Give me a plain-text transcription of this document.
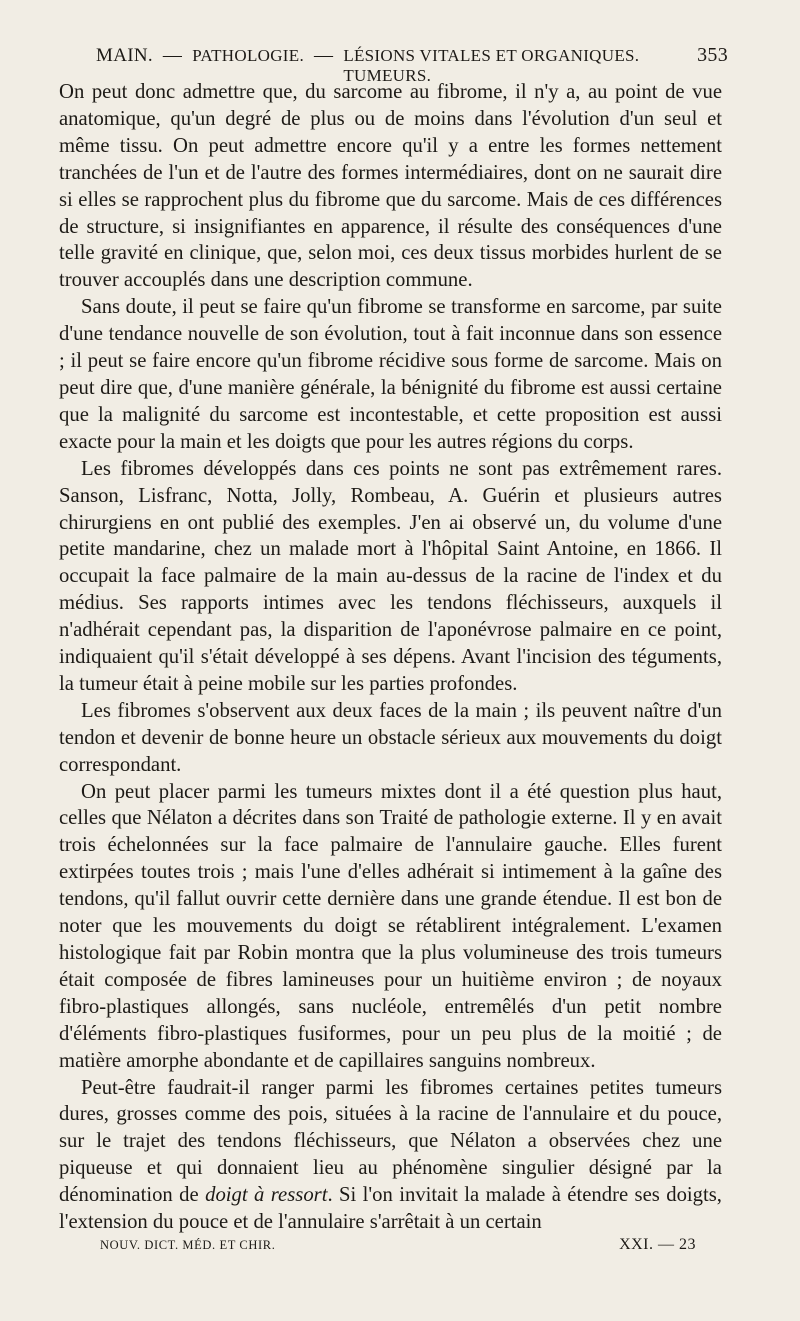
MAIN. — PATHOLOGIE. — LÉSIONS VITALES ET ORGANIQUES. TUMEURS.
353

On peut donc admettre que, du sarcome au fibrome, il n'y a, au point de vue anatomique, qu'un degré de plus ou de moins dans l'évolution d'un seul et même tissu. On peut admettre encore qu'il y a entre les formes nettement tranchées de l'un et de l'autre des formes intermédiaires, dont on ne saurait dire si elles se rapprochent plus du fibrome que du sarcome. Mais de ces différences de structure, si insignifiantes en apparence, il résulte des conséquences d'une telle gravité en clinique, que, selon moi, ces deux tissus morbides hurlent de se trouver accouplés dans une description commune.

Sans doute, il peut se faire qu'un fibrome se transforme en sarcome, par suite d'une tendance nouvelle de son évolution, tout à fait inconnue dans son essence ; il peut se faire encore qu'un fibrome récidive sous forme de sarcome. Mais on peut dire que, d'une manière générale, la bénignité du fibrome est aussi certaine que la malignité du sarcome est incontestable, et cette proposition est aussi exacte pour la main et les doigts que pour les autres régions du corps.

Les fibromes développés dans ces points ne sont pas extrêmement rares. Sanson, Lisfranc, Notta, Jolly, Rombeau, A. Guérin et plusieurs autres chirurgiens en ont publié des exemples. J'en ai observé un, du volume d'une petite mandarine, chez un malade mort à l'hôpital Saint Antoine, en 1866. Il occupait la face palmaire de la main au-dessus de la racine de l'index et du médius. Ses rapports intimes avec les tendons fléchisseurs, auxquels il n'adhérait cependant pas, la disparition de l'aponévrose palmaire en ce point, indiquaient qu'il s'était développé à ses dépens. Avant l'incision des téguments, la tumeur était à peine mobile sur les parties profondes.

Les fibromes s'observent aux deux faces de la main ; ils peuvent naître d'un tendon et devenir de bonne heure un obstacle sérieux aux mouvements du doigt correspondant.

On peut placer parmi les tumeurs mixtes dont il a été question plus haut, celles que Nélaton a décrites dans son Traité de pathologie externe. Il y en avait trois échelonnées sur la face palmaire de l'annulaire gauche. Elles furent extirpées toutes trois ; mais l'une d'elles adhérait si intimement à la gaîne des tendons, qu'il fallut ouvrir cette dernière dans une grande étendue. Il est bon de noter que les mouvements du doigt se rétablirent intégralement. L'examen histologique fait par Robin montra que la plus volumineuse des trois tumeurs était composée de fibres lamineuses pour un huitième environ ; de noyaux fibro-plastiques allongés, sans nucléole, entremêlés d'un petit nombre d'éléments fibro-plastiques fusiformes, pour un peu plus de la moitié ; de matière amorphe abondante et de capillaires sanguins nombreux.

Peut-être faudrait-il ranger parmi les fibromes certaines petites tumeurs dures, grosses comme des pois, situées à la racine de l'annulaire et du pouce, sur le trajet des tendons fléchisseurs, que Nélaton a observées chez une piqueuse et qui donnaient lieu au phénomène singulier désigné par la dénomination de doigt à ressort. Si l'on invitait la malade à étendre ses doigts, l'extension du pouce et de l'annulaire s'arrêtait à un certain

NOUV. DICT. MÉD. ET CHIR.	XXI. — 23
